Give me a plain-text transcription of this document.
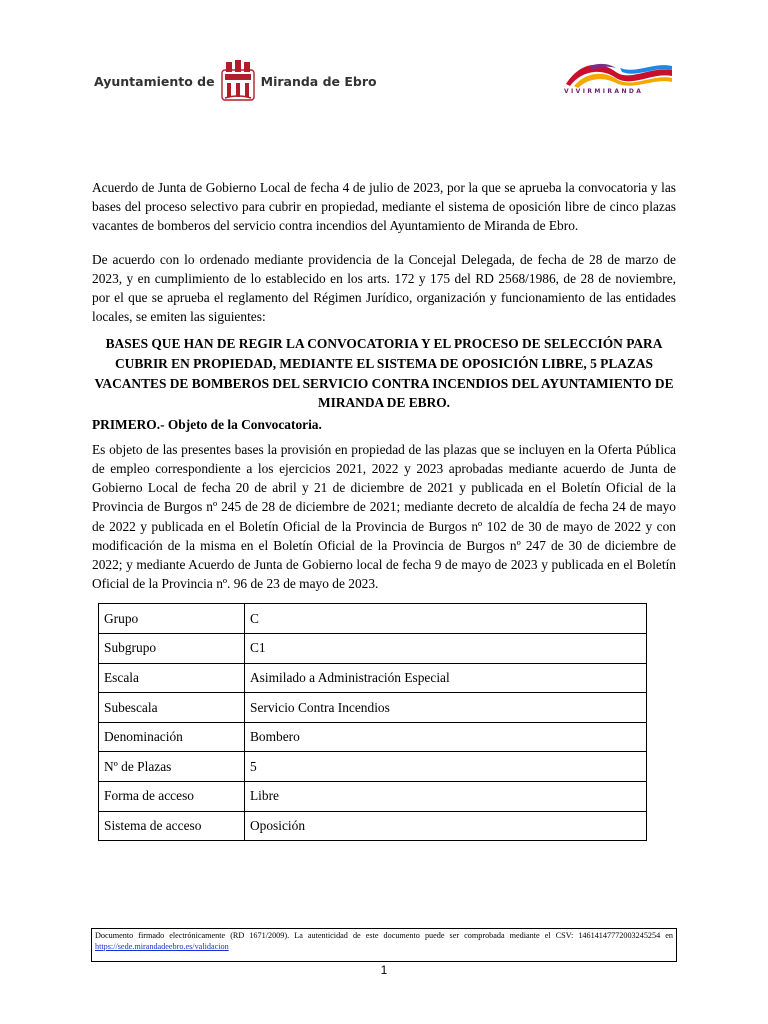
Ayuntamiento de	Miranda de Ebro
VIVIRMIRANDA

Acuerdo de Junta de Gobierno Local de fecha 4 de julio de 2023, por la que se aprueba la convocatoria y las bases del proceso selectivo para cubrir en propiedad, mediante el sistema de oposición libre de cinco plazas vacantes de bomberos del servicio contra incendios del Ayuntamiento de Miranda de Ebro.

De acuerdo con lo ordenado mediante providencia de la Concejal Delegada, de fecha de 28 de marzo de 2023, y en cumplimiento de lo establecido en los arts. 172 y 175 del RD 2568/1986, de 28 de noviembre, por el que se aprueba el reglamento del Régimen Jurídico, organización y funcionamiento de las entidades locales, se emiten las siguientes:

BASES QUE HAN DE REGIR LA CONVOCATORIA Y EL PROCESO DE SELECCIÓN PARA CUBRIR EN PROPIEDAD, MEDIANTE EL SISTEMA DE OPOSICIÓN LIBRE, 5 PLAZAS VACANTES DE BOMBEROS DEL SERVICIO CONTRA INCENDIOS DEL AYUNTAMIENTO DE MIRANDA DE EBRO.

PRIMERO.- Objeto de la Convocatoria.

Es objeto de las presentes bases la provisión en propiedad de las plazas que se incluyen en la Oferta Pública de empleo correspondiente a los ejercicios 2021, 2022 y 2023 aprobadas mediante acuerdo de Junta de Gobierno Local de fecha 20 de abril y 21 de diciembre de 2021 y publicada en el Boletín Oficial de la Provincia de Burgos nº 245 de 28 de diciembre de 2021; mediante decreto de alcaldía de fecha 24 de mayo de 2022 y publicada en el Boletín Oficial de la Provincia de Burgos nº 102 de 30 de mayo de 2022 y con modificación de la misma en el Boletín Oficial de la Provincia de Burgos nº 247 de 30 de diciembre de 2022; y mediante Acuerdo de Junta de Gobierno local de fecha 9 de mayo de 2023 y publicada en el Boletín Oficial de la Provincia nº. 96 de 23 de mayo de 2023.

Grupo	C
Subgrupo	C1
Escala	Asimilado a Administración Especial
Subescala	Servicio Contra Incendios
Denominación	Bombero
Nº de Plazas	5
Forma de acceso	Libre
Sistema de acceso	Oposición
Documento firmado electrónicamente (RD 1671/2009). La autenticidad de este documento puede ser comprobada mediante el CSV: 14614147772003245254 en https://sede.mirandadeebro.es/validacion
1
